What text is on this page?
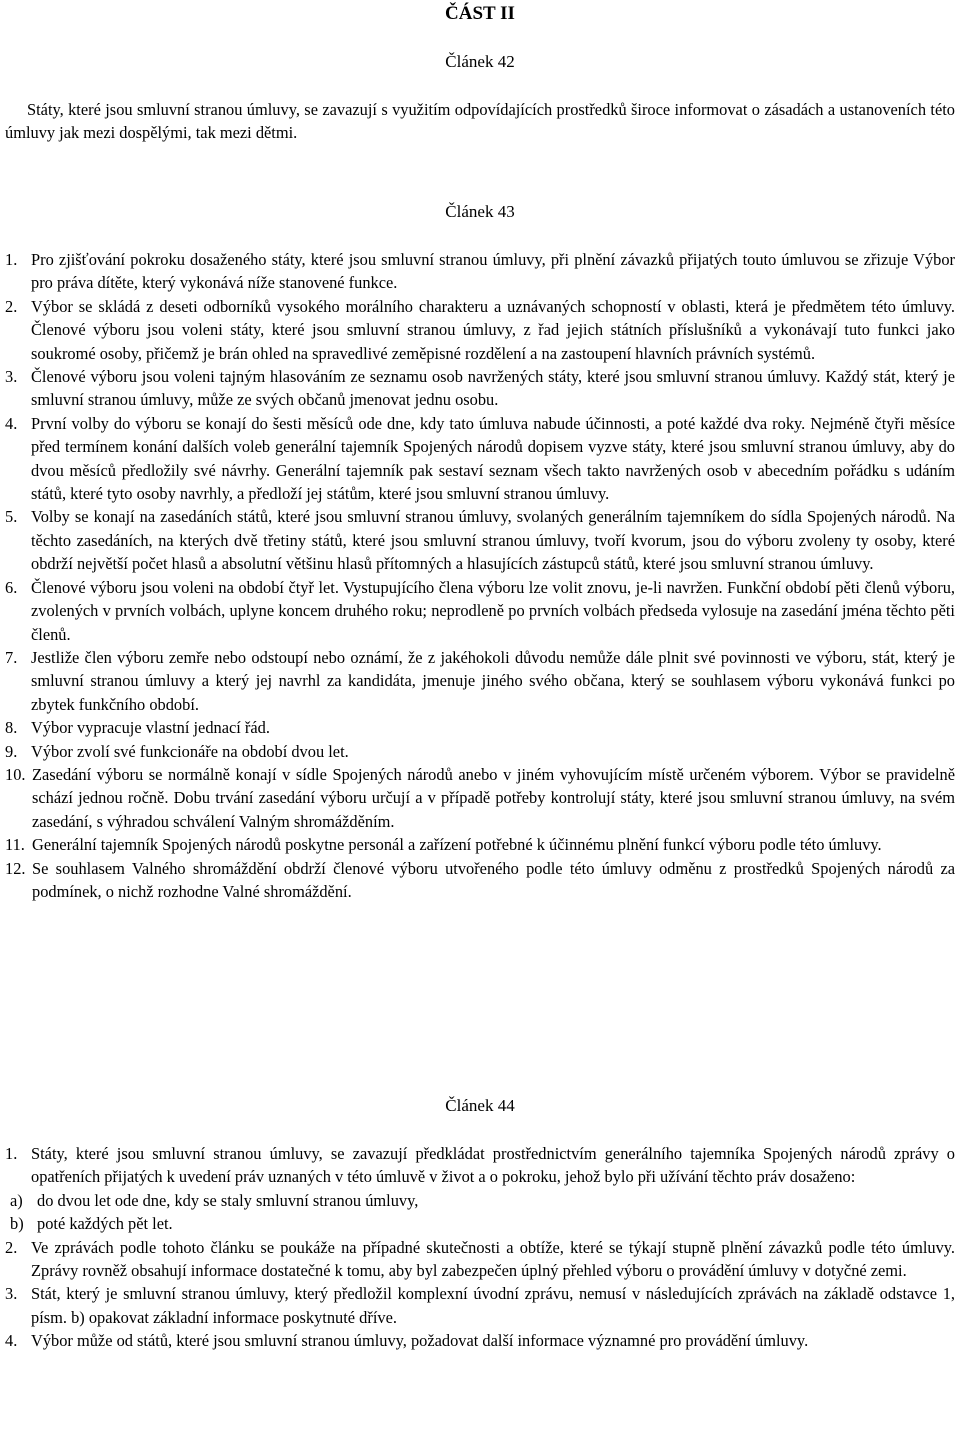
ČÁST II
Článek 42
Státy, které jsou smluvní stranou úmluvy, se zavazují s využitím odpovídajících prostředků široce informovat o zásadách a ustanoveních této úmluvy jak mezi dospělými, tak mezi dětmi.
Článek 43
1. Pro zjišťování pokroku dosaženého státy, které jsou smluvní stranou úmluvy, při plnění závazků přijatých touto úmluvou se zřizuje Výbor pro práva dítěte, který vykonává níže stanovené funkce.
2. Výbor se skládá z deseti odborníků vysokého morálního charakteru a uznávaných schopností v oblasti, která je předmětem této úmluvy. Členové výboru jsou voleni státy, které jsou smluvní stranou úmluvy, z řad jejich státních příslušníků a vykonávají tuto funkci jako soukromé osoby, přičemž je brán ohled na spravedlivé zeměpisné rozdělení a na zastoupení hlavních právních systémů.
3. Členové výboru jsou voleni tajným hlasováním ze seznamu osob navržených státy, které jsou smluvní stranou úmluvy. Každý stát, který je smluvní stranou úmluvy, může ze svých občanů jmenovat jednu osobu.
4. První volby do výboru se konají do šesti měsíců ode dne, kdy tato úmluva nabude účinnosti, a poté každé dva roky. Nejméně čtyři měsíce před termínem konání dalších voleb generální tajemník Spojených národů dopisem vyzve státy, které jsou smluvní stranou úmluvy, aby do dvou měsíců předložily své návrhy. Generální tajemník pak sestaví seznam všech takto navržených osob v abecedním pořádku s udáním států, které tyto osoby navrhly, a předloží jej státům, které jsou smluvní stranou úmluvy.
5. Volby se konají na zasedáních států, které jsou smluvní stranou úmluvy, svolaných generálním tajemníkem do sídla Spojených národů. Na těchto zasedáních, na kterých dvě třetiny států, které jsou smluvní stranou úmluvy, tvoří kvorum, jsou do výboru zvoleny ty osoby, které obdrží největší počet hlasů a absolutní většinu hlasů přítomných a hlasujících zástupců států, které jsou smluvní stranou úmluvy.
6. Členové výboru jsou voleni na období čtyř let. Vystupujícího člena výboru lze volit znovu, je-li navržen. Funkční období pěti členů výboru, zvolených v prvních volbách, uplyne koncem druhého roku; neprodleně po prvních volbách předseda vylosuje na zasedání jména těchto pěti členů.
7. Jestliže člen výboru zemře nebo odstoupí nebo oznámí, že z jakéhokoli důvodu nemůže dále plnit své povinnosti ve výboru, stát, který je smluvní stranou úmluvy a který jej navrhl za kandidáta, jmenuje jiného svého občana, který se souhlasem výboru vykonává funkci po zbytek funkčního období.
8. Výbor vypracuje vlastní jednací řád.
9. Výbor zvolí své funkcionáře na období dvou let.
10. Zasedání výboru se normálně konají v sídle Spojených národů anebo v jiném vyhovujícím místě určeném výborem. Výbor se pravidelně schází jednou ročně. Dobu trvání zasedání výboru určují a v případě potřeby kontrolují státy, které jsou smluvní stranou úmluvy, na svém zasedání, s výhradou schválení Valným shromážděním.
11. Generální tajemník Spojených národů poskytne personál a zařízení potřebné k účinnému plnění funkcí výboru podle této úmluvy.
12. Se souhlasem Valného shromáždění obdrží členové výboru utvořeného podle této úmluvy odměnu z prostředků Spojených národů za podmínek, o nichž rozhodne Valné shromáždění.
Článek 44
1. Státy, které jsou smluvní stranou úmluvy, se zavazují předkládat prostřednictvím generálního tajemníka Spojených národů zprávy o opatřeních přijatých k uvedení práv uznaných v této úmluvě v život a o pokroku, jehož bylo při užívání těchto práv dosaženo:
a) do dvou let ode dne, kdy se staly smluvní stranou úmluvy,
b) poté každých pět let.
2. Ve zprávách podle tohoto článku se poukáže na případné skutečnosti a obtíže, které se týkají stupně plnění závazků podle této úmluvy. Zprávy rovněž obsahují informace dostatečné k tomu, aby byl zabezpečen úplný přehled výboru o provádění úmluvy v dotyčné zemi.
3. Stát, který je smluvní stranou úmluvy, který předložil komplexní úvodní zprávu, nemusí v následujících zprávách na základě odstavce 1, písm. b) opakovat základní informace poskytnuté dříve.
4. Výbor může od států, které jsou smluvní stranou úmluvy, požadovat další informace významné pro provádění úmluvy.
